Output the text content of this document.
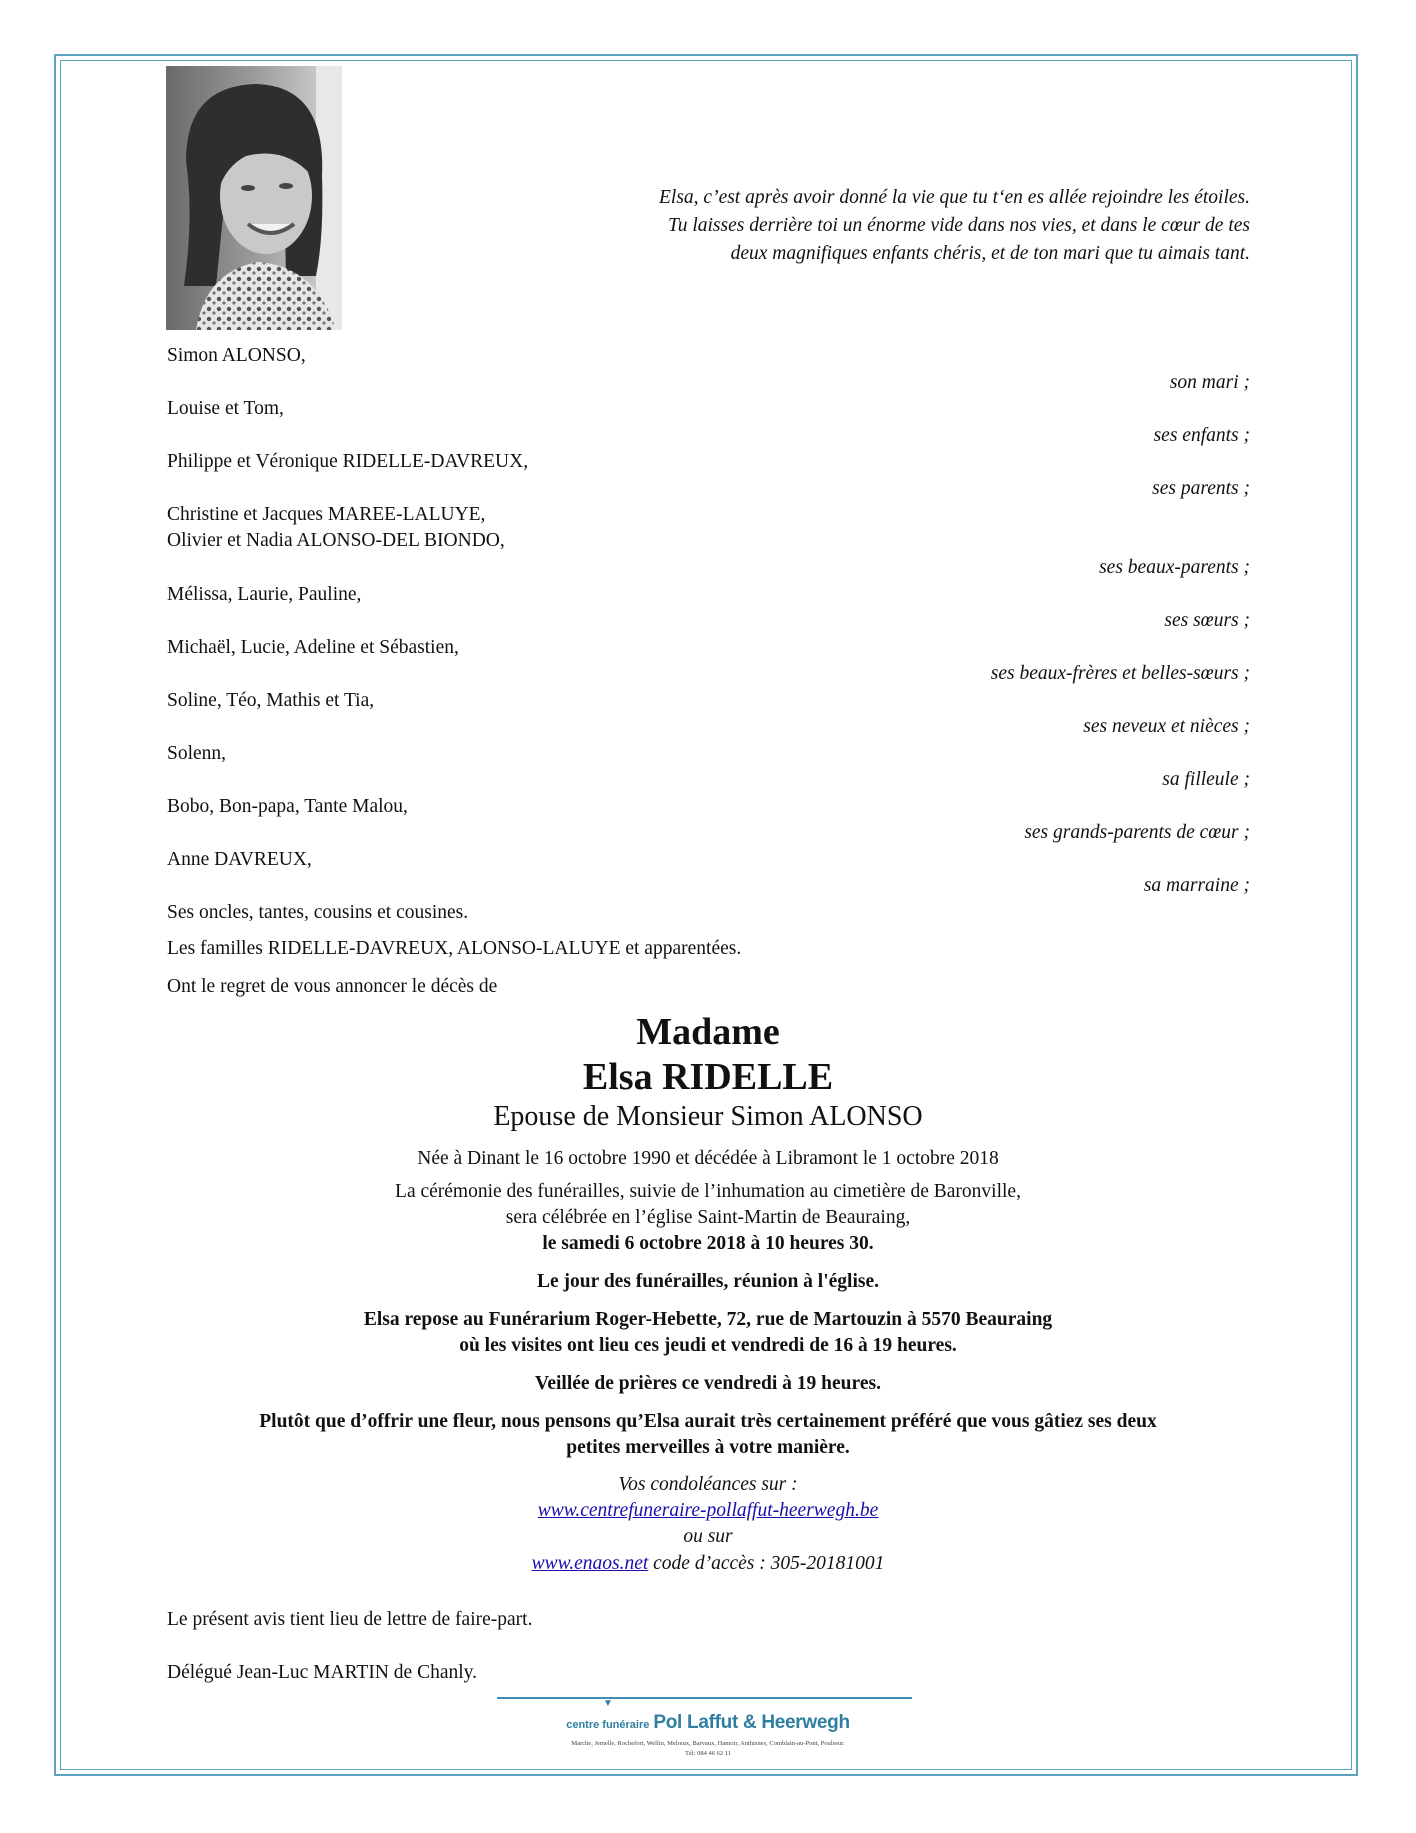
Elsa, c’est après avoir donné la vie que tu t‘en es allée rejoindre les étoiles.
Tu laisses derrière toi un énorme vide dans nos vies, et dans le cœur de tes
deux magnifiques enfants chéris, et de ton mari que tu aimais tant.
Simon ALONSO,
son mari ;
Louise et Tom,
ses enfants ;
Philippe et Véronique RIDELLE-DAVREUX,
ses parents ;
Christine et Jacques MAREE-LALUYE,
Olivier et Nadia ALONSO-DEL BIONDO,
ses beaux-parents ;
Mélissa, Laurie, Pauline,
ses sœurs ;
Michaël, Lucie, Adeline et Sébastien,
ses beaux-frères et belles-sœurs ;
Soline, Téo, Mathis et Tia,
ses neveux et nièces ;
Solenn,
sa filleule ;
Bobo, Bon-papa, Tante Malou,
ses grands-parents de cœur ;
Anne DAVREUX,
sa marraine ;
Ses oncles, tantes, cousins et cousines.
Les familles RIDELLE-DAVREUX, ALONSO-LALUYE et apparentées.
Ont le regret de vous annoncer le décès de
Madame
Elsa RIDELLE
Epouse de Monsieur Simon ALONSO
Née à Dinant le 16 octobre 1990 et décédée à Libramont le 1 octobre 2018
La cérémonie des funérailles, suivie de l’inhumation au cimetière de Baronville,
sera célébrée en l’église Saint-Martin de Beauraing,
le samedi 6 octobre 2018 à 10 heures 30.
Le jour des funérailles, réunion à l'église.
Elsa repose au Funérarium Roger-Hebette, 72, rue de Martouzin à 5570 Beauraing
où les visites ont lieu ces jeudi et vendredi de 16 à 19 heures.
Veillée de prières ce vendredi à 19 heures.
Plutôt que d’offrir une fleur, nous pensons qu’Elsa aurait très certainement préféré que vous gâtiez ses deux
petites merveilles à votre manière.
Vos condoléances sur :
www.centrefuneraire-pollaffut-heerwegh.be
ou sur
www.enaos.net code d’accès : 305-20181001
Le présent avis tient lieu de lettre de faire-part.
Délégué Jean-Luc MARTIN de Chanly.
▼
centre funéraire Pol Laffut & Heerwegh
Marche, Jemelle, Rochefort, Wellin, Melreux, Barvaux, Hamoir, Anthisnes, Comblain-au-Pont, Poulseur.
Tél: 084 46 62 11
